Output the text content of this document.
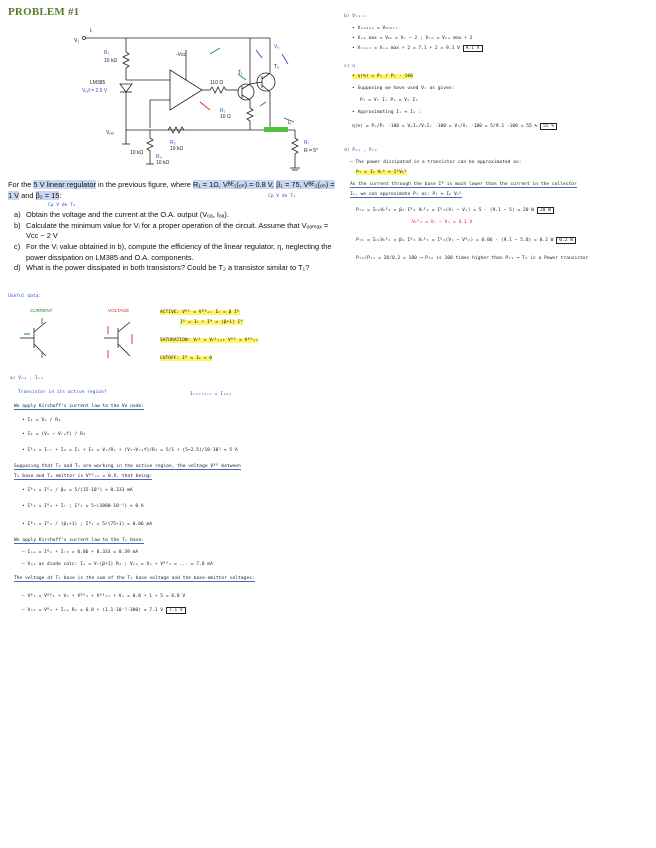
PROBLEM #1
V₁
Iᵢ
R₁
10 kΩ
LM385
Vᵣₑf = 2.5 V
-Vᴄᴄ
110 Ω
R₂
10 Ω
T₁
T₂
Vₒ
Iₒ
Vₒᵤₜ
R₃
10 kΩ
R₄
10 kΩ
Rₗ
R = 5°
10 kΩ
For the 5 V linear regulator in the previous figure, where R₁ = 1Ω, Vᴮᴱ₁(ₒₙ) = 0.8 V, β₁ = 75, Vᴮᴱ₂(ₒₙ) = 1 V and β₂ = 15:
Cp V de T₂
Cp V de T₁
a) Obtain the voltage and the current at the O.A. output (Vₒₐ, Iₒₐ).
b) Calculate the minimum value for Vᵢ for a proper operation of the circuit. Assume that Vₒₐₘₐₓ = Vᴄᴄ − 2 V
c) For the Vᵢ value obtained in b), compute the efficiency of the linear regulator, η, neglecting the power dissipation on LM385 and O.A. components.
d) What is the power dissipated in both transistors? Could be T₂ a transistor similar to T₁?
Useful data:
CURRENT	VOLTAGE	ACTIVE: Vᴮᴱ = Vᴮᴱₒₙ Iᴄ = β Iᴮ
Iᴱ = Iᴄ + Iᴮ = (β+1) Iᴮ
SATURATION: Vᴄᴱ = Vᴄᴱₛₐₜ Vᴮᴱ = Vᴮᴱₒₙ
CUTOFF: Iᴮ = Iᴄ = 0
a) Vₒₐ , Iₒₐ
Transistor in its active region?	Iₒₐₜₜₑₙₜ = Iₑₘₐ
We apply Kirchoff's current law to the Vo node:
• I₁ = Vₒ / R₁
• I₄ = (Vₒ − Vᵣₑf) / R₄
• Iᴱ₂ = Iᵣₗ + I₄ = Iₒ + I₄ = Vₒ/Rₗ + (Vₒ−Vᵣₑf)/R₄ = 5/1 + (5−2.5)/10·10³ ≈ 5 A
Supposing that T₂ and T₁ are working in the active region, the voltage Vᴮᴱ between
T₂ base and T₁ emitter is Vᴮᴱₒₙ = 0.V, that being:
• Iᴮ₂ = Iᴱ₂ / β₂ = 5/(15·10³) ≈ 0.333 mA
• Iᴱ₁ = Iᴮ₂ + Iᵣ ; Iᴱ₁ = 5−(1000·10⁻³) ≈ 0 A
• Iᴮ₁ = Iᴱ₁ / (β₁+1) ; Iᴮ₁ = 5/(75+1) = 0.06 mA
We apply Kirchoff's current law to the T₁ base:
– Iₒₐ = Iᴮ₁ + Iᵣ₃ = 0.06 + 0.333 = 0.39 mA
– Vₒₐ as diode calc: Iₒ = Vᵣ(β+1) R₃ ; Vₒₐ = Vₒ + Vᴮᴱ₁ = ... = 7.0 mA
The voltage at T₁ base is the sum of the T₁ base voltage and the base-emitter voltages:
– Vᴮ₁ = Vᴮᴱ₁ + Vₒ + Vᴮᴱ₂ + Vᴮᴱₒₙ + Vₒ = 0.8 + 1 + 5 = 6.8 V
– Vₒₐ = Vᴮ₁ + Iₒₐ R₃ = 6.8 + (1.1·10⁻³·300) = 7.1 V 7.1 V
b) Vᵢₘᵢₙ
• Vₒₐₘₐₓ = Vᴄᴄₘᵢₙ
• Vₒₐ max = Vᴄᴄ = Vᵢ − 2 ; Vᵢₘ = Vₒₐ max + 2
• Vᵢₘᵢₙ = Vₒₐ max + 2 = 7.1 + 2 = 9.1 V 9.1 V
c) η
• η(%) = Pₒ / Pᵢ · 100
• Supposing we have used Vᵢ as given:
Pᵢ = Vᵢ Iᵢ Pₒ = Vₒ Iₒ
• Approximating Iᵢ ≈ Iₒ :
η(%) = Pₒ/Pᵢ ·100 = VₒIₒ/VᵢIᵢ ·100 = Vₒ/Vᵢ ·100 = 5/9.1 ·100 = 55 % 55 %
d) Pₜ₁ , Pₜ₂
– The power dissipated in a transistor can be approximated as:
Pₜ = Iᴄ Vᴄᴱ ≈ IᴱVᴄᴱ
As the current through the base Iᴮ is much lower than the current in the collector
Iᴄ, we can approximate Pₜ as: Pₜ ≈ Iᴄ Vᴄᴱ
Pₜ₂ = Iᴄ₂Vᴄᴱ₂ = β₂ Iᴮ₂ Vᴄᴱ₂ = Iᴱ₂(Vᵢ − Vₒ) = 5 · (9.1 − 5) = 20 W 20 W
Vᴄᴱ₂ = Vᵢ − Vₒ = 4.1 V
Pₜ₁ = Iᴄ₁Vᴄᴱ₁ = β₁ Iᴮ₁ Vᴄᴱ₁ = Iᴱ₁(Vᵢ − Vᴮ₂) = 0.06 · (9.1 − 5.8) = 0.2 W 0.2 W
Pₜ₂/Pₜ₁ = 20/0.2 = 100 ⟶ Pₜ₂ is 100 times higher than Pₜ₁ ⟶ T₂ is a Power transistor
